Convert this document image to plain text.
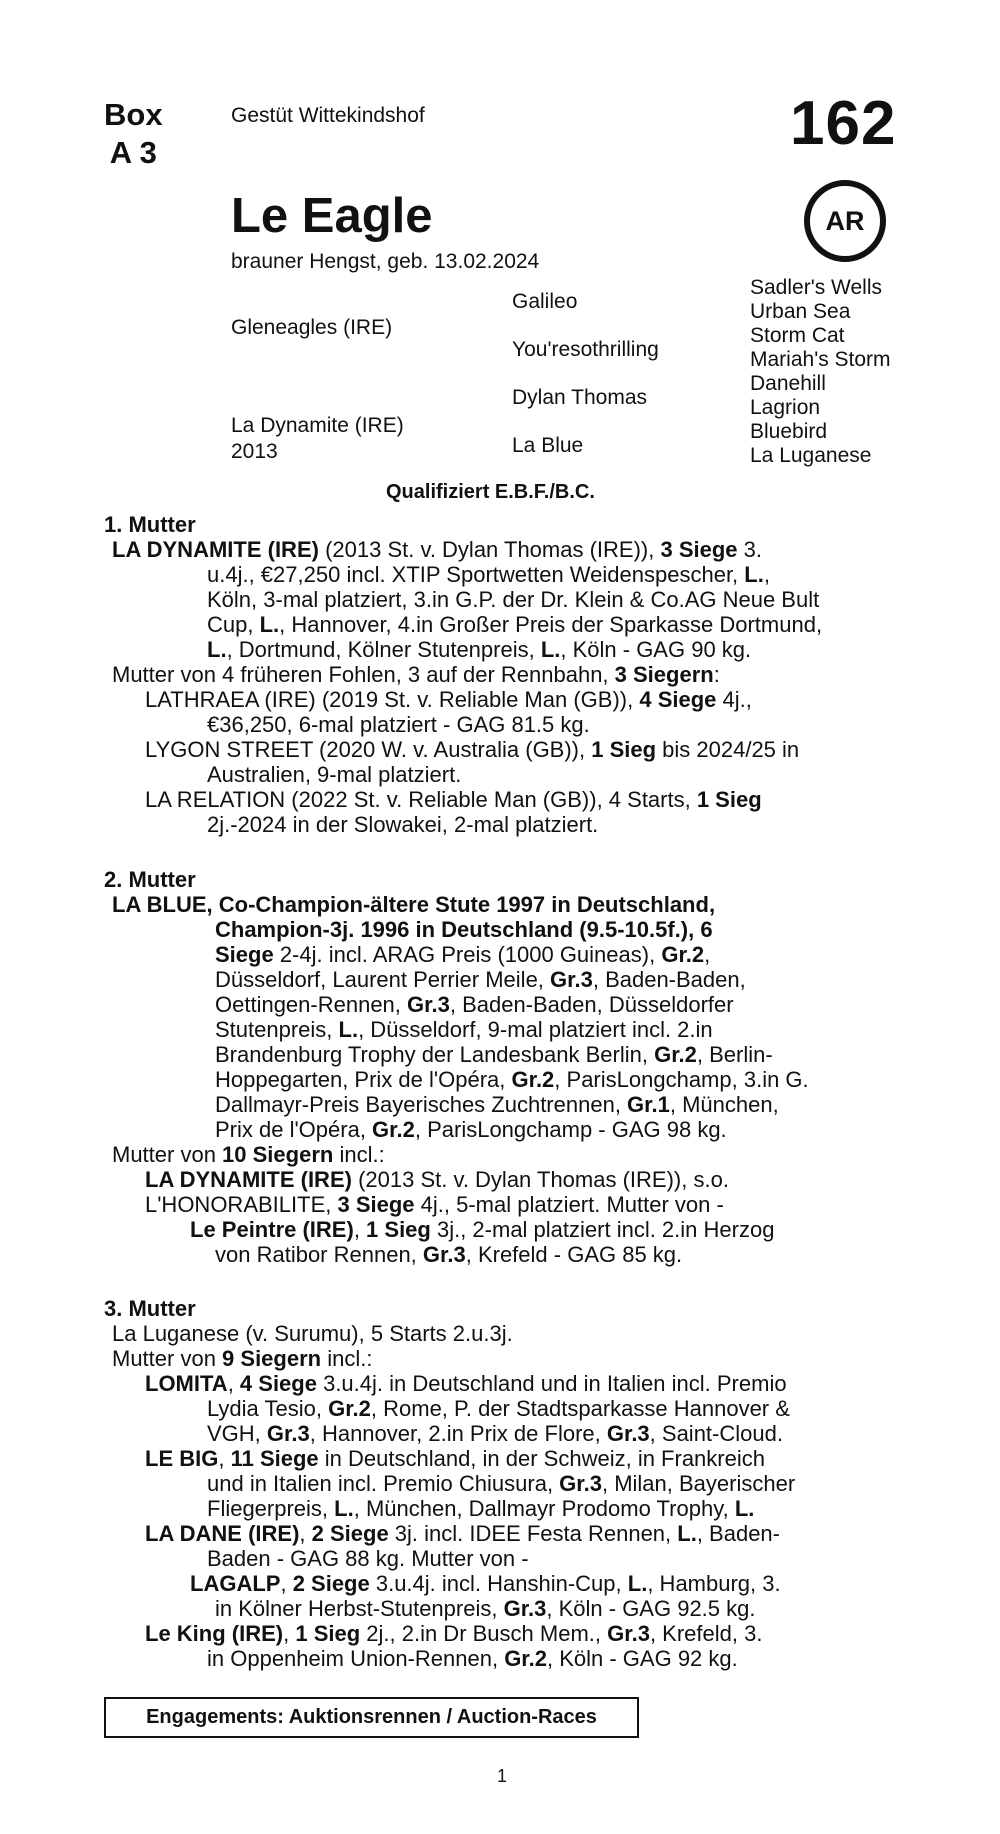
Box
A 3
Gestüt Wittekindshof	162
AR
Le Eagle
brauner Hengst, geb. 13.02.2024
Gleneagles (IRE)
La Dynamite (IRE)
2013
Galileo
You'resothrilling
Dylan Thomas
La Blue
Sadler's Wells
Urban Sea
Storm Cat
Mariah's Storm
Danehill
Lagrion
Bluebird
La Luganese
Qualifiziert E.B.F./B.C.
1. Mutter
LA DYNAMITE (IRE) (2013 St. v. Dylan Thomas (IRE)), 3 Siege 3.
u.4j., €27,250 incl. XTIP Sportwetten Weidenspescher, L.,
Köln, 3-mal platziert, 3.in G.P. der Dr. Klein & Co.AG Neue Bult
Cup, L., Hannover, 4.in Großer Preis der Sparkasse Dortmund,
L., Dortmund, Kölner Stutenpreis, L., Köln - GAG 90 kg.
Mutter von 4 früheren Fohlen, 3 auf der Rennbahn, 3 Siegern:
LATHRAEA (IRE) (2019 St. v. Reliable Man (GB)), 4 Siege 4j.,
€36,250, 6-mal platziert - GAG 81.5 kg.
LYGON STREET (2020 W. v. Australia (GB)), 1 Sieg bis 2024/25 in
Australien, 9-mal platziert.
LA RELATION (2022 St. v. Reliable Man (GB)), 4 Starts, 1 Sieg
2j.-2024 in der Slowakei, 2-mal platziert.
2. Mutter
LA BLUE, Co-Champion-ältere Stute 1997 in Deutschland,
Champion-3j. 1996 in Deutschland (9.5-10.5f.), 6
Siege 2-4j. incl. ARAG Preis (1000 Guineas), Gr.2,
Düsseldorf, Laurent Perrier Meile, Gr.3, Baden-Baden,
Oettingen-Rennen, Gr.3, Baden-Baden, Düsseldorfer
Stutenpreis, L., Düsseldorf, 9-mal platziert incl. 2.in
Brandenburg Trophy der Landesbank Berlin, Gr.2, Berlin-
Hoppegarten, Prix de l'Opéra, Gr.2, ParisLongchamp, 3.in G.
Dallmayr-Preis Bayerisches Zuchtrennen, Gr.1, München,
Prix de l'Opéra, Gr.2, ParisLongchamp - GAG 98 kg.
Mutter von 10 Siegern incl.:
LA DYNAMITE (IRE) (2013 St. v. Dylan Thomas (IRE)), s.o.
L'HONORABILITE, 3 Siege 4j., 5-mal platziert. Mutter von -
Le Peintre (IRE), 1 Sieg 3j., 2-mal platziert incl. 2.in Herzog
von Ratibor Rennen, Gr.3, Krefeld - GAG 85 kg.
3. Mutter
La Luganese (v. Surumu), 5 Starts 2.u.3j.
Mutter von 9 Siegern incl.:
LOMITA, 4 Siege 3.u.4j. in Deutschland und in Italien incl. Premio
Lydia Tesio, Gr.2, Rome, P. der Stadtsparkasse Hannover &
VGH, Gr.3, Hannover, 2.in Prix de Flore, Gr.3, Saint-Cloud.
LE BIG, 11 Siege in Deutschland, in der Schweiz, in Frankreich
und in Italien incl. Premio Chiusura, Gr.3, Milan, Bayerischer
Fliegerpreis, L., München, Dallmayr Prodomo Trophy, L.
LA DANE (IRE), 2 Siege 3j. incl. IDEE Festa Rennen, L., Baden-
Baden - GAG 88 kg. Mutter von -
LAGALP, 2 Siege 3.u.4j. incl. Hanshin-Cup, L., Hamburg, 3.
in Kölner Herbst-Stutenpreis, Gr.3, Köln - GAG 92.5 kg.
Le King (IRE), 1 Sieg 2j., 2.in Dr Busch Mem., Gr.3, Krefeld, 3.
in Oppenheim Union-Rennen, Gr.2, Köln - GAG 92 kg.
Engagements: Auktionsrennen / Auction-Races
1
